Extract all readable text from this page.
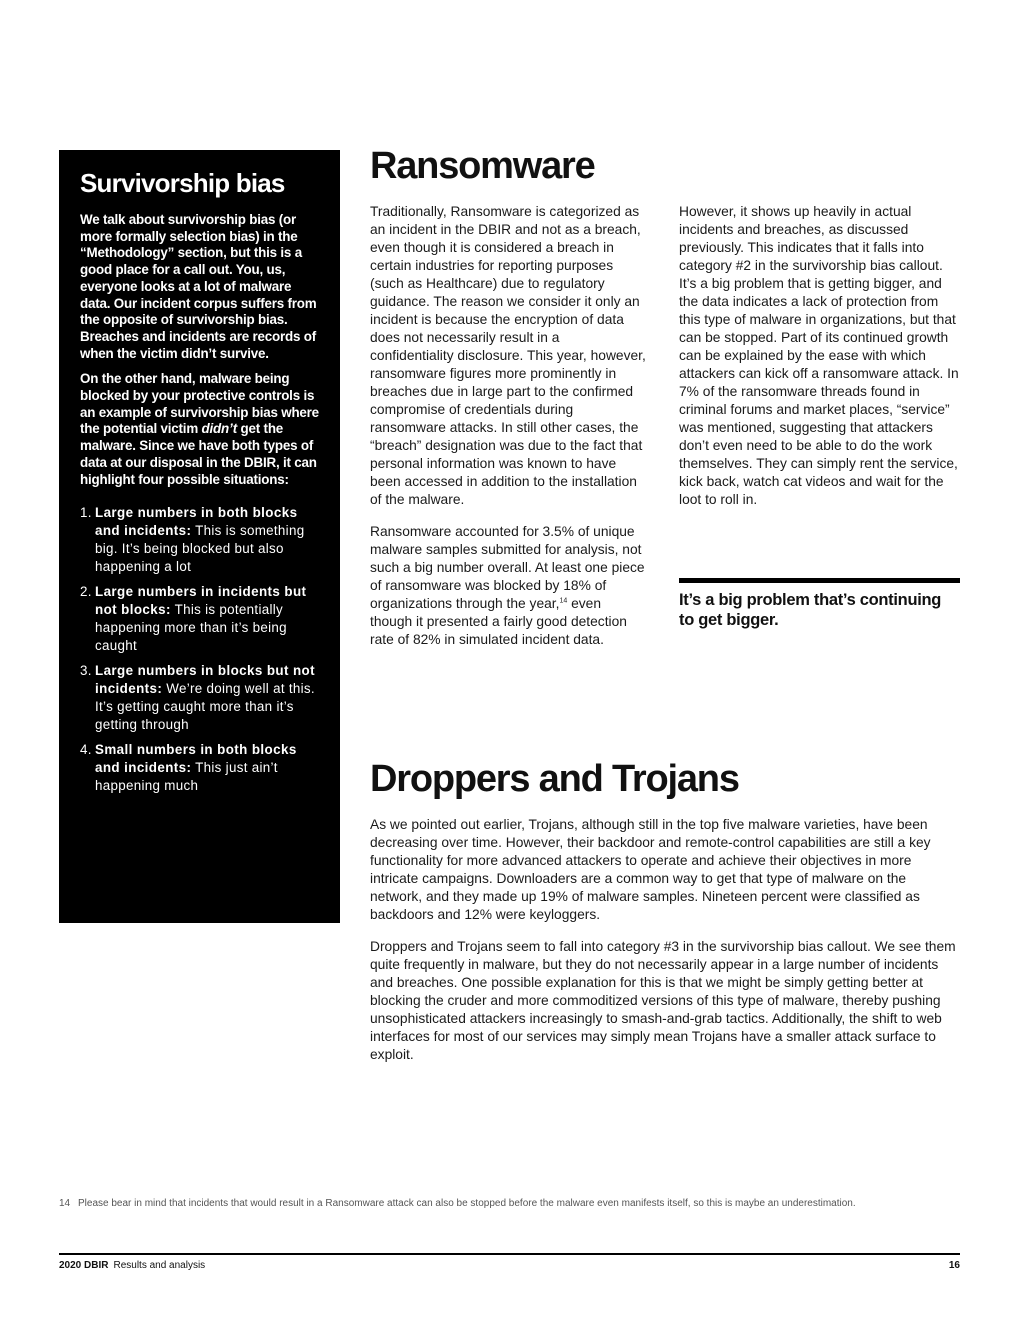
Survivorship bias

We talk about survivorship bias (or more formally selection bias) in the “Methodology” section, but this is a good place for a call out. You, us, everyone looks at a lot of malware data. Our incident corpus suffers from the opposite of survivorship bias. Breaches and incidents are records of when the victim didn’t survive.

On the other hand, malware being blocked by your protective controls is an example of survivorship bias where the potential victim didn’t get the malware. Since we have both types of data at our disposal in the DBIR, it can highlight four possible situations:

1. Large numbers in both blocks and incidents: This is something big. It’s being blocked but also happening a lot
2. Large numbers in incidents but not blocks: This is potentially happening more than it’s being caught
3. Large numbers in blocks but not incidents: We’re doing well at this. It’s getting caught more than it’s getting through
4. Small numbers in both blocks and incidents: This just ain’t happening much
Ransomware

Traditionally, Ransomware is categorized as an incident in the DBIR and not as a breach, even though it is considered a breach in certain industries for reporting purposes (such as Healthcare) due to regulatory guidance. The reason we consider it only an incident is because the encryption of data does not necessarily result in a confidentiality disclosure. This year, however, ransomware figures more prominently in breaches due in large part to the confirmed compromise of credentials during ransomware attacks. In still other cases, the “breach” designation was due to the fact that personal information was known to have been accessed in addition to the installation of the malware.

Ransomware accounted for 3.5% of unique malware samples submitted for analysis, not such a big number overall. At least one piece of ransomware was blocked by 18% of organizations through the year,$^{14}$ even though it presented a fairly good detection rate of 82% in simulated incident data.

However, it shows up heavily in actual incidents and breaches, as discussed previously. This indicates that it falls into category #2 in the survivorship bias callout. It’s a big problem that is getting bigger, and the data indicates a lack of protection from this type of malware in organizations, but that can be stopped. Part of its continued growth can be explained by the ease with which attackers can kick off a ransomware attack. In 7% of the ransomware threads found in criminal forums and market places, “service” was mentioned, suggesting that attackers don’t even need to be able to do the work themselves. They can simply rent the service, kick back, watch cat videos and wait for the loot to roll in.

It’s a big problem that’s continuing to get bigger.

Droppers and Trojans

As we pointed out earlier, Trojans, although still in the top five malware varieties, have been decreasing over time. However, their backdoor and remote-control capabilities are still a key functionality for more advanced attackers to operate and achieve their objectives in more intricate campaigns. Downloaders are a common way to get that type of malware on the network, and they made up 19% of malware samples. Nineteen percent were classified as backdoors and 12% were keyloggers.

Droppers and Trojans seem to fall into category #3 in the survivorship bias callout. We see them quite frequently in malware, but they do not necessarily appear in a large number of incidents and breaches. One possible explanation for this is that we might be simply getting better at blocking the cruder and more commoditized versions of this type of malware, thereby pushing unsophisticated attackers increasingly to smash-and-grab tactics. Additionally, the shift to web interfaces for most of our services may simply mean Trojans have a smaller attack surface to exploit.

14 Please bear in mind that incidents that would result in a Ransomware attack can also be stopped before the malware even manifests itself, so this is maybe an underestimation.
2020 DBIR Results and analysis	16
